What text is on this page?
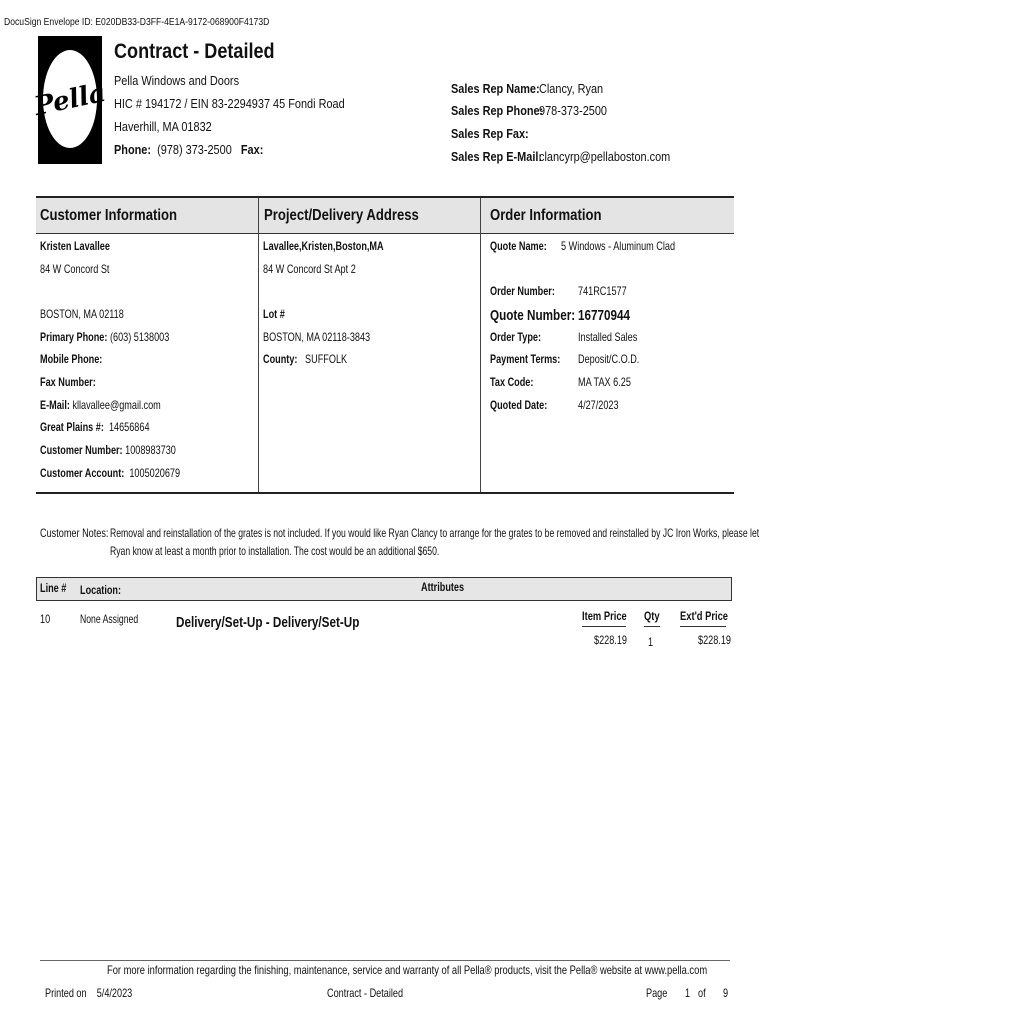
DocuSign Envelope ID: E020DB33-D3FF-4E1A-9172-068900F4173D
Pella
Contract - Detailed
Pella Windows and Doors
HIC # 194172 / EIN 83-2294937 45 Fondi Road
Haverhill, MA 01832
Phone: (978) 373-2500 Fax:
Sales Rep Name: Clancy, Ryan
Sales Rep Phone:
978-373-2500
Sales Rep Fax:
Sales Rep E-Mail:
clancyrp@pellaboston.com
Customer Information	Project/Delivery Address	Order Information
Kristen Lavallee
84 W Concord St
BOSTON, MA 02118
Primary Phone: (603) 5138003
Mobile Phone:
Fax Number:
E-Mail: kllavallee@gmail.com
Great Plains #: 14656864
Customer Number: 1008983730
Customer Account: 1005020679
Lavallee,Kristen,Boston,MA
84 W Concord St Apt 2
Lot #
BOSTON, MA 02118-3843
County: SUFFOLK
Quote Name:	5 Windows - Aluminum Clad
Order Number:	741RC1577
Quote Number: 16770944
Order Type:	Installed Sales
Payment Terms:	Deposit/C.O.D.
Tax Code:	MA TAX 6.25
Quoted Date:	4/27/2023
Customer Notes: Removal and reinstallation of the grates is not included. If you would like Ryan Clancy to arrange for the grates to be removed and reinstalled by JC Iron Works, please let
Ryan know at least a month prior to installation. The cost would be an additional $650.
Line #	Location:	Attributes
10 None Assigned	Delivery/Set-Up - Delivery/Set-Up	Item Price	Qty	Ext'd Price
$228.19	1	$228.19
For more information regarding the finishing, maintenance, service and warranty of all Pella® products, visit the Pella® website at www.pella.com
Printed on 5/4/2023	Contract - Detailed	Page	1 of 9
